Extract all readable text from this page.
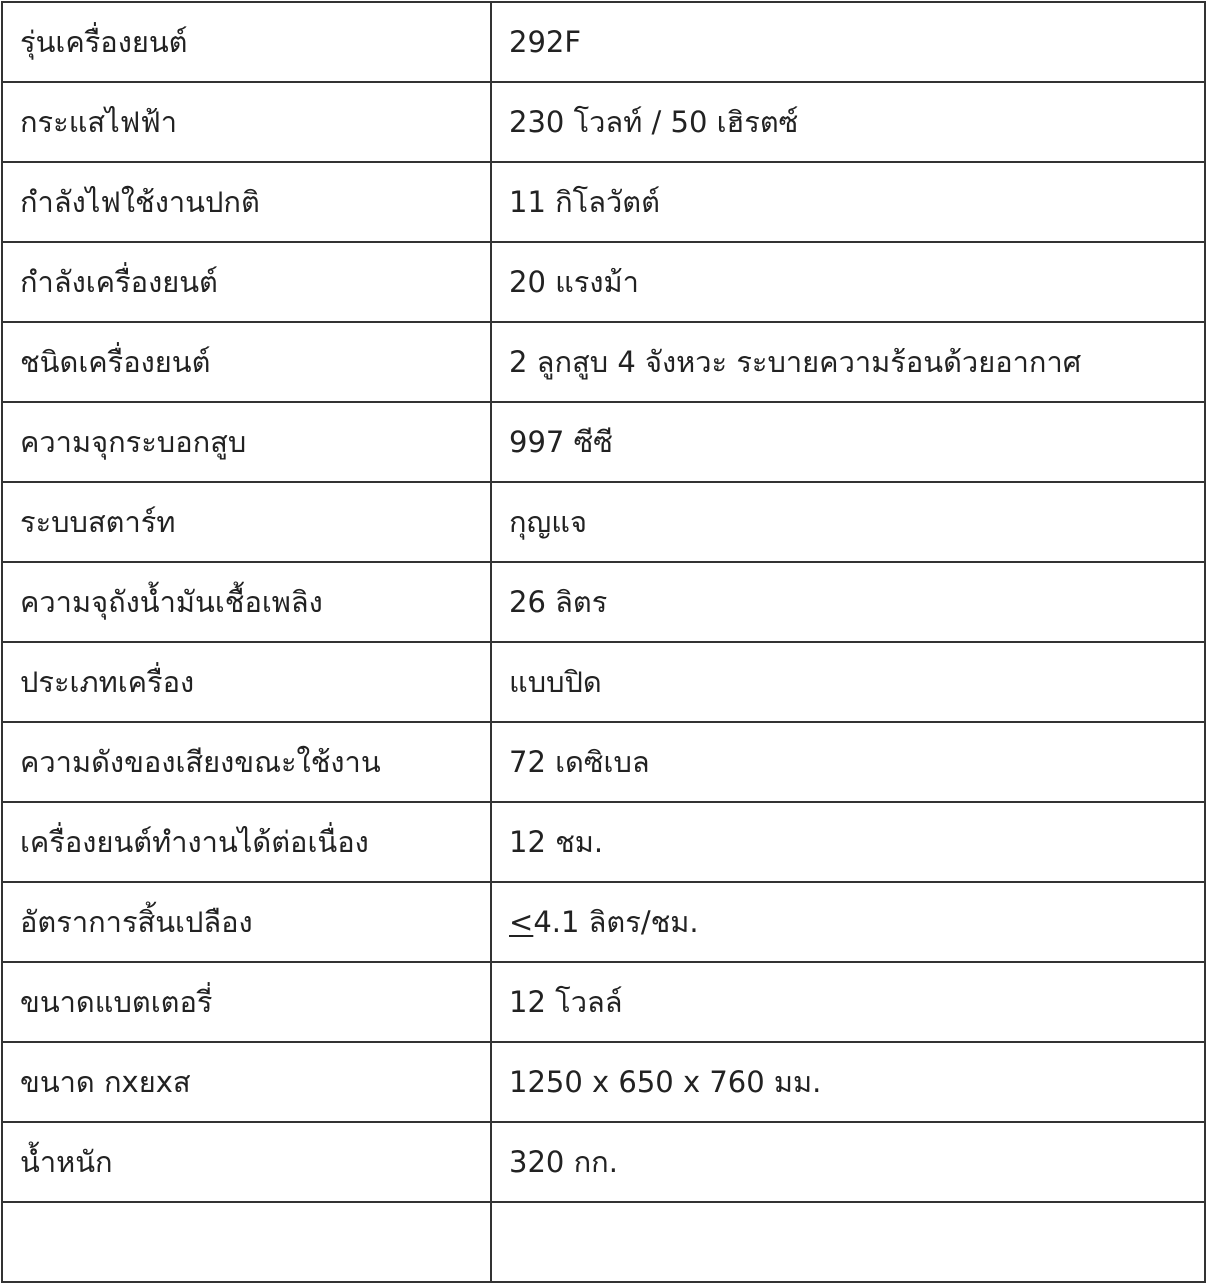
รุ่นเครื่องยนต์	292F
กระแสไฟฟ้า	230 โวลท์ / 50 เฮิรตซ์
กำลังไฟใช้งานปกติ	11 กิโลวัตต์
กำลังเครื่องยนต์	20 แรงม้า
ชนิดเครื่องยนต์	2 ลูกสูบ 4 จังหวะ ระบายความร้อนด้วยอากาศ
ความจุกระบอกสูบ	997 ซีซี
ระบบสตาร์ท	กุญแจ
ความจุถังน้ำมันเชื้อเพลิง	26 ลิตร
ประเภทเครื่อง	แบบปิด
ความดังของเสียงขณะใช้งาน	72 เดซิเบล
เครื่องยนต์ทำงานได้ต่อเนื่อง	12 ชม.
อัตราการสิ้นเปลือง	≤4.1 ลิตร/ชม.
ขนาดแบตเตอรี่	12 โวลล์
ขนาด กxยxส	1250 x 650 x 760 มม.
น้ำหนัก	320 กก.
